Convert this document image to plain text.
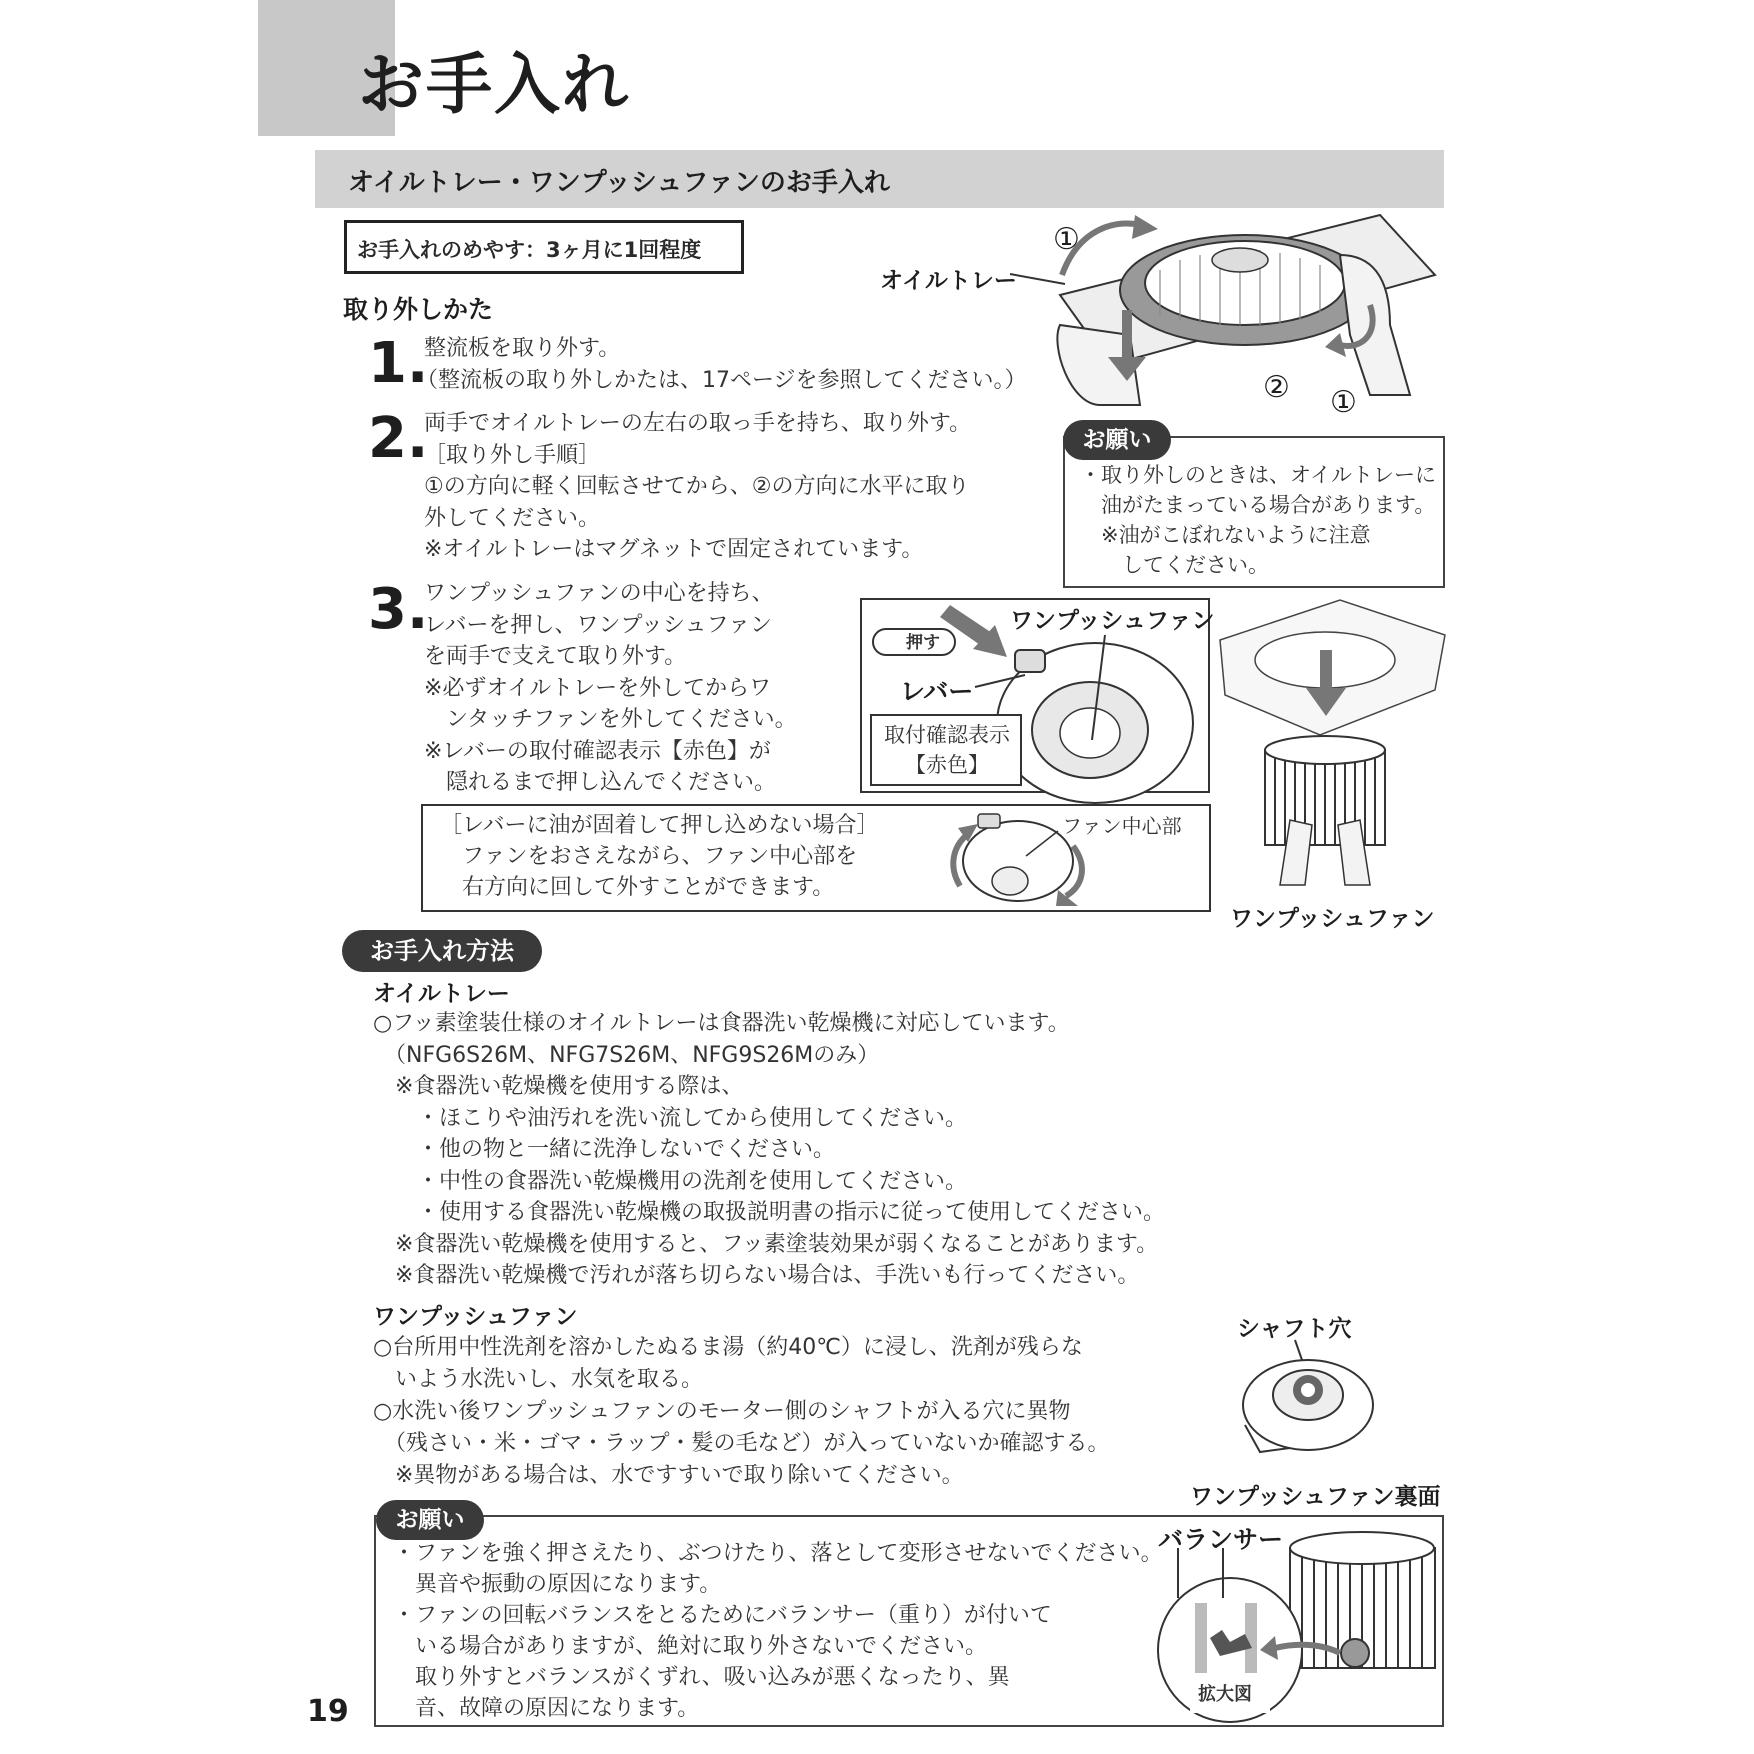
お手入れ
オイルトレー・ワンプッシュファンのお手入れ
お手入れのめやす：3ヶ月に1回程度
取り外しかた
1.
整流板を取り外す。
（整流板の取り外しかたは、17ページを参照してください。）
2.
両手でオイルトレーの左右の取っ手を持ち、取り外す。
［取り外し手順］
①の方向に軽く回転させてから、②の方向に水平に取り
外してください。
※オイルトレーはマグネットで固定されています。
3.
ワンプッシュファンの中心を持ち、
レバーを押し、ワンプッシュファン
を両手で支えて取り外す。
※必ずオイルトレーを外してからワ
　ンタッチファンを外してください。
※レバーの取付確認表示【赤色】が
　隠れるまで押し込んでください。
オイルトレー
①
② ①
お願い
・取り外しのときは、オイルトレーに
　油がたまっている場合があります。
　※油がこぼれないように注意
　　してください。
押す
ワンプッシュファン
レバー
取付確認表示
【赤色】
ワンプッシュファン
［レバーに油が固着して押し込めない場合］
　ファンをおさえながら、ファン中心部を
　右方向に回して外すことができます。
ファン中心部
お手入れ方法
オイルトレー
○フッ素塗装仕様のオイルトレーは食器洗い乾燥機に対応しています。
　（NFG6S26M、NFG7S26M、NFG9S26Mのみ）
　※食器洗い乾燥機を使用する際は、
　　・ほこりや油汚れを洗い流してから使用してください。
　　・他の物と一緒に洗浄しないでください。
　　・中性の食器洗い乾燥機用の洗剤を使用してください。
　　・使用する食器洗い乾燥機の取扱説明書の指示に従って使用してください。
　※食器洗い乾燥機を使用すると、フッ素塗装効果が弱くなることがあります。
　※食器洗い乾燥機で汚れが落ち切らない場合は、手洗いも行ってください。
ワンプッシュファン
○台所用中性洗剤を溶かしたぬるま湯（約40℃）に浸し、洗剤が残らな
　いよう水洗いし、水気を取る。
○水洗い後ワンプッシュファンのモーター側のシャフトが入る穴に異物
　（残さい・米・ゴマ・ラップ・髪の毛など）が入っていないか確認する。
　※異物がある場合は、水ですすいで取り除いてください。
シャフト穴
ワンプッシュファン裏面
お願い
・ファンを強く押さえたり、ぶつけたり、落として変形させないでください。
　異音や振動の原因になります。
・ファンの回転バランスをとるためにバランサー（重り）が付いて
　いる場合がありますが、絶対に取り外さないでください。
　取り外すとバランスがくずれ、吸い込みが悪くなったり、異
　音、故障の原因になります。
バランサー
拡大図
19
